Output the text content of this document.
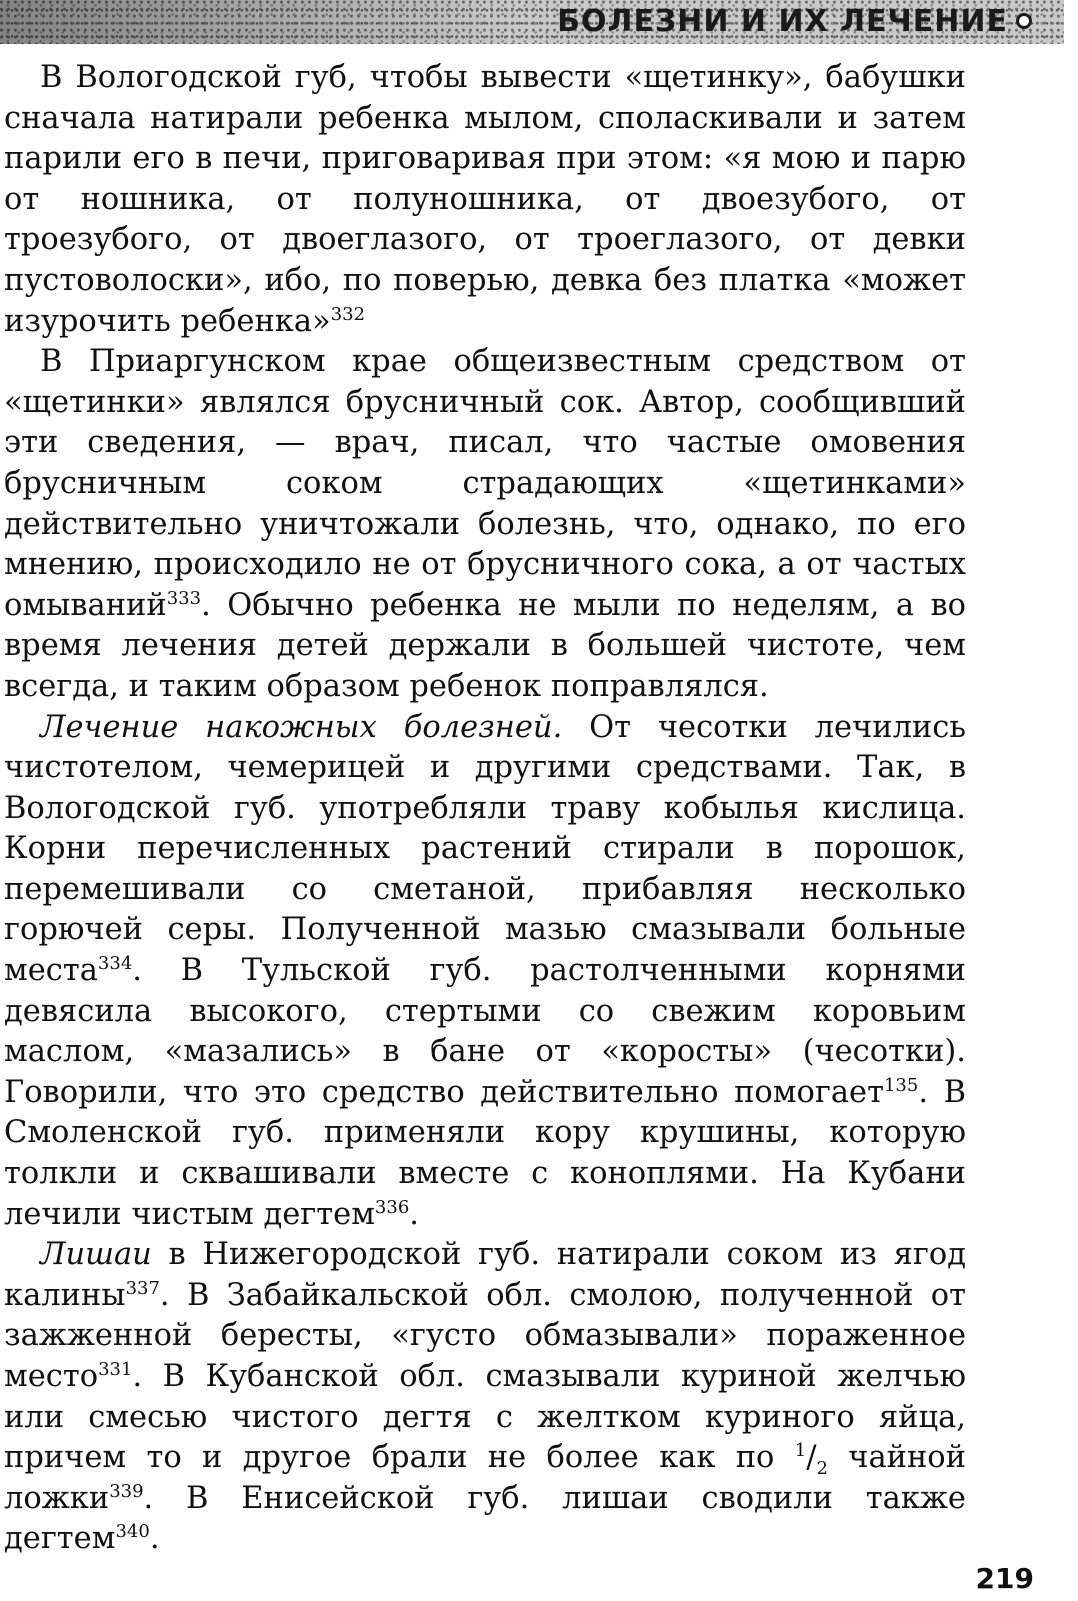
БОЛЕЗНИ И ИХ ЛЕЧЕНИЕ

В Вологодской губ, чтобы вывести «щетинку», бабушки сначала натирали ребенка мылом, споласкивали и затем парили его в печи, приговаривая при этом: «я мою и парю от ношника, от полуношника, от двоезубого, от троезубого, от двоеглазого, от троеглазого, от девки пустоволоски», ибо, по поверью, девка без платка «может изурочить ребенка»$^{332}$

В Приаргунском крае общеизвестным средством от «щетинки» являлся брусничный сок. Автор, сообщивший эти сведения, — врач, писал, что частые омовения брусничным соком страдающих «щетинками» действительно уничтожали болезнь, что, однако, по его мнению, происходило не от брусничного сока, а от частых омываний$^{333}$. Обычно ребенка не мыли по неделям, а во время лечения детей держали в большей чистоте, чем всегда, и таким образом ребенок поправлялся.

Лечение накожных болезней. От чесотки лечились чистотелом, чемерицей и другими средствами. Так, в Вологодской губ. употребляли траву кобылья кислица. Корни перечисленных растений стирали в порошок, перемешивали со сметаной, прибавляя несколько горючей серы. Полученной мазью смазывали больные места$^{334}$. В Тульской губ. растолченными корнями девясила высокого, стертыми со свежим коровьим маслом, «мазались» в бане от «коросты» (чесотки). Говорили, что это средство действительно помогает$^{135}$. В Смоленской губ. применяли кору крушины, которую толкли и сквашивали вместе с коноплями. На Кубани лечили чистым дегтем$^{336}$.

Лишаи в Нижегородской губ. натирали соком из ягод калины$^{337}$. В Забайкальской обл. смолою, полученной от зажженной бересты, «густо обмазывали» пораженное место$^{331}$. В Кубанской обл. смазывали куриной желчью или смесью чистого дегтя с желтком куриного яйца, причем то и другое брали не более как по $^1/_2$ чайной ложки$^{339}$. В Енисейской губ. лишаи сводили также дегтем$^{340}$.

219
